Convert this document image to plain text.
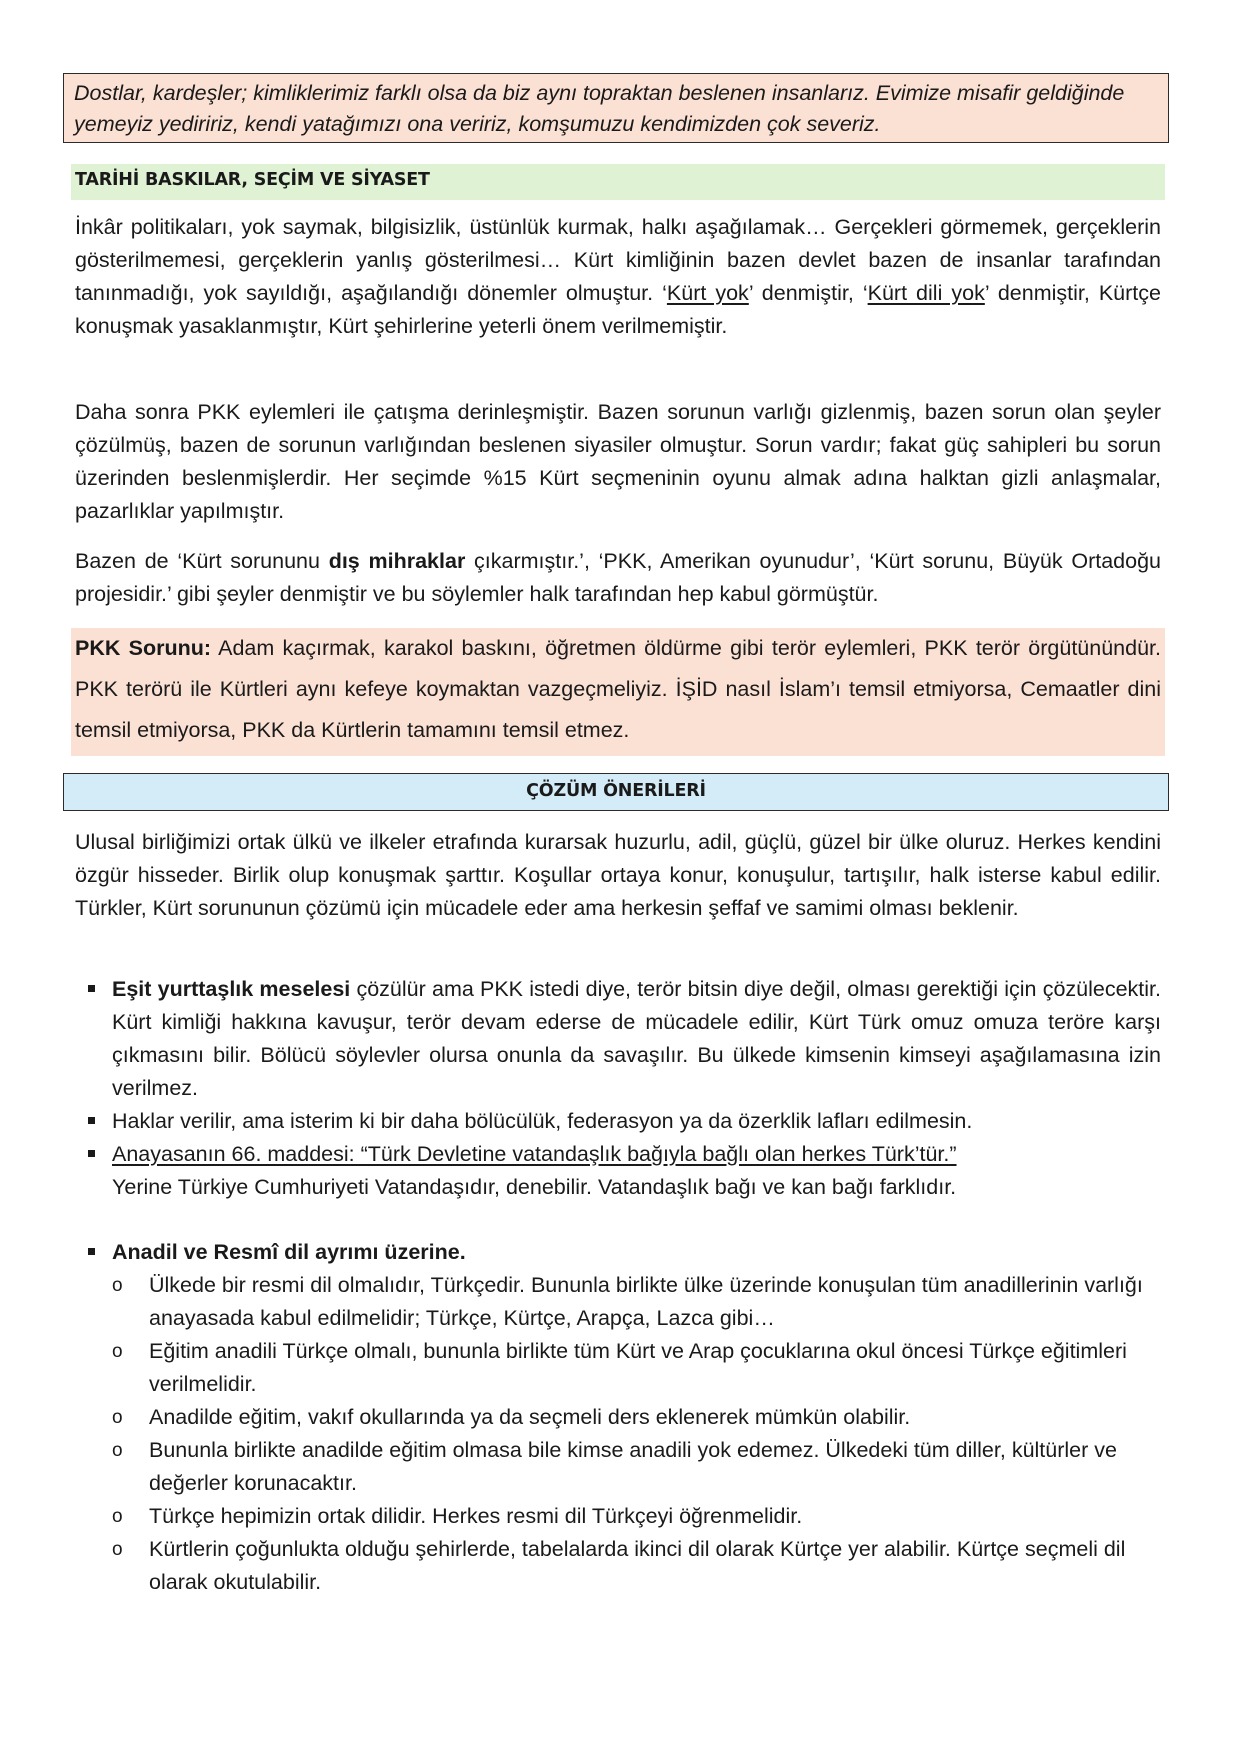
Dostlar, kardeşler; kimliklerimiz farklı olsa da biz aynı topraktan beslenen insanlarız. Evimize misafir geldiğinde yemeyiz yediririz, kendi yatağımızı ona veririz, komşumuzu kendimizden çok severiz.
TARİHİ BASKILAR, SEÇİM VE SİYASET
İnkâr politikaları, yok saymak, bilgisizlik, üstünlük kurmak, halkı aşağılamak… Gerçekleri görmemek, gerçeklerin gösterilmemesi, gerçeklerin yanlış gösterilmesi… Kürt kimliğinin bazen devlet bazen de insanlar tarafından tanınmadığı, yok sayıldığı, aşağılandığı dönemler olmuştur. ‘Kürt yok’ denmiştir, ‘Kürt dili yok’ denmiştir, Kürtçe konuşmak yasaklanmıştır, Kürt şehirlerine yeterli önem verilmemiştir.
Daha sonra PKK eylemleri ile çatışma derinleşmiştir. Bazen sorunun varlığı gizlenmiş, bazen sorun olan şeyler çözülmüş, bazen de sorunun varlığından beslenen siyasiler olmuştur. Sorun vardır; fakat güç sahipleri bu sorun üzerinden beslenmişlerdir. Her seçimde %15 Kürt seçmeninin oyunu almak adına halktan gizli anlaşmalar, pazarlıklar yapılmıştır.
Bazen de ‘Kürt sorununu dış mihraklar çıkarmıştır.’, ‘PKK, Amerikan oyunudur’, ‘Kürt sorunu, Büyük Ortadoğu projesidir.’ gibi şeyler denmiştir ve bu söylemler halk tarafından hep kabul görmüştür.
PKK Sorunu: Adam kaçırmak, karakol baskını, öğretmen öldürme gibi terör eylemleri, PKK terör örgütünündür. PKK terörü ile Kürtleri aynı kefeye koymaktan vazgeçmeliyiz. İŞİD nasıl İslam’ı temsil etmiyorsa, Cemaatler dini temsil etmiyorsa, PKK da Kürtlerin tamamını temsil etmez.
ÇÖZÜM ÖNERİLERİ
Ulusal birliğimizi ortak ülkü ve ilkeler etrafında kurarsak huzurlu, adil, güçlü, güzel bir ülke oluruz. Herkes kendini özgür hisseder. Birlik olup konuşmak şarttır. Koşullar ortaya konur, konuşulur, tartışılır, halk isterse kabul edilir. Türkler, Kürt sorununun çözümü için mücadele eder ama herkesin şeffaf ve samimi olması beklenir.
Eşit yurttaşlık meselesi çözülür ama PKK istedi diye, terör bitsin diye değil, olması gerektiği için çözülecektir. Kürt kimliği hakkına kavuşur, terör devam ederse de mücadele edilir, Kürt Türk omuz omuza teröre karşı çıkmasını bilir. Bölücü söylevler olursa onunla da savaşılır. Bu ülkede kimsenin kimseyi aşağılamasına izin verilmez.
Haklar verilir, ama isterim ki bir daha bölücülük, federasyon ya da özerklik lafları edilmesin.
Anayasanın 66. maddesi: “Türk Devletine vatandaşlık bağıyla bağlı olan herkes Türk’tür.”
Yerine Türkiye Cumhuriyeti Vatandaşıdır, denebilir. Vatandaşlık bağı ve kan bağı farklıdır.
Anadil ve Resmî dil ayrımı üzerine.
o Ülkede bir resmi dil olmalıdır, Türkçedir. Bununla birlikte ülke üzerinde konuşulan tüm anadillerinin varlığı anayasada kabul edilmelidir; Türkçe, Kürtçe, Arapça, Lazca gibi…
o Eğitim anadili Türkçe olmalı, bununla birlikte tüm Kürt ve Arap çocuklarına okul öncesi Türkçe eğitimleri verilmelidir.
o Anadilde eğitim, vakıf okullarında ya da seçmeli ders eklenerek mümkün olabilir.
o Bununla birlikte anadilde eğitim olmasa bile kimse anadili yok edemez. Ülkedeki tüm diller, kültürler ve değerler korunacaktır.
o Türkçe hepimizin ortak dilidir. Herkes resmi dil Türkçeyi öğrenmelidir.
o Kürtlerin çoğunlukta olduğu şehirlerde, tabelalarda ikinci dil olarak Kürtçe yer alabilir. Kürtçe seçmeli dil olarak okutulabilir.
